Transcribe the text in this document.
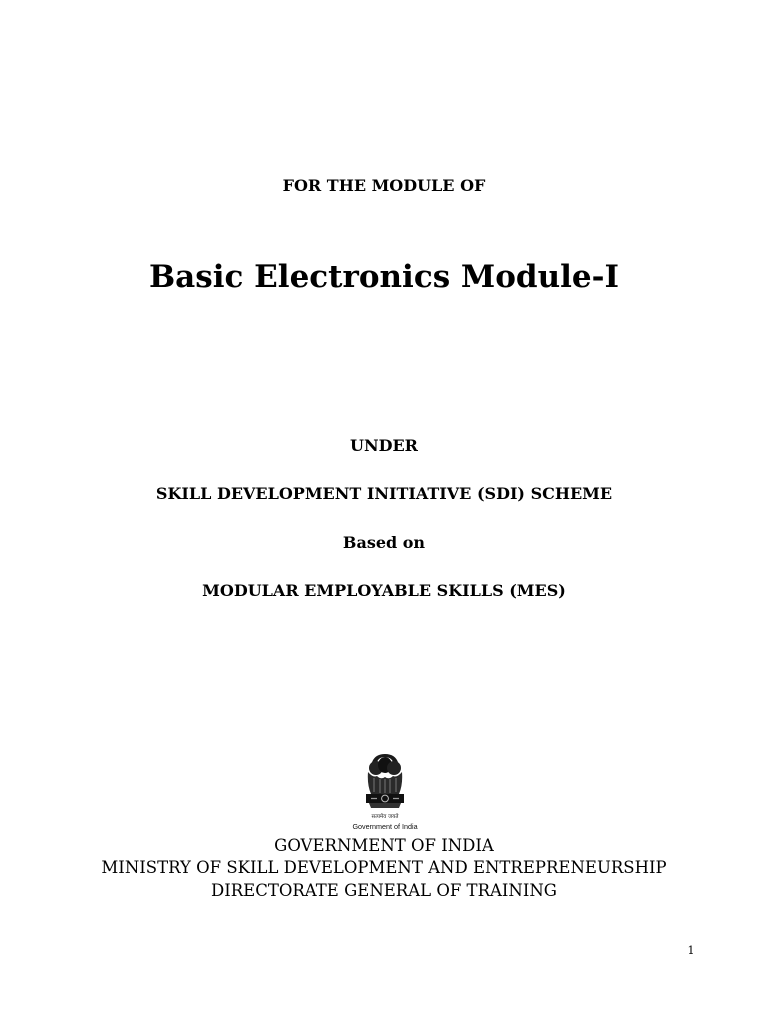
FOR THE MODULE OF
Basic Electronics Module-I
UNDER
SKILL DEVELOPMENT INITIATIVE (SDI) SCHEME
Based on
MODULAR EMPLOYABLE SKILLS (MES)
सत्यमेव जयते
Government of India
GOVERNMENT OF INDIA
MINISTRY OF SKILL DEVELOPMENT AND ENTREPRENEURSHIP
DIRECTORATE GENERAL OF TRAINING
1
